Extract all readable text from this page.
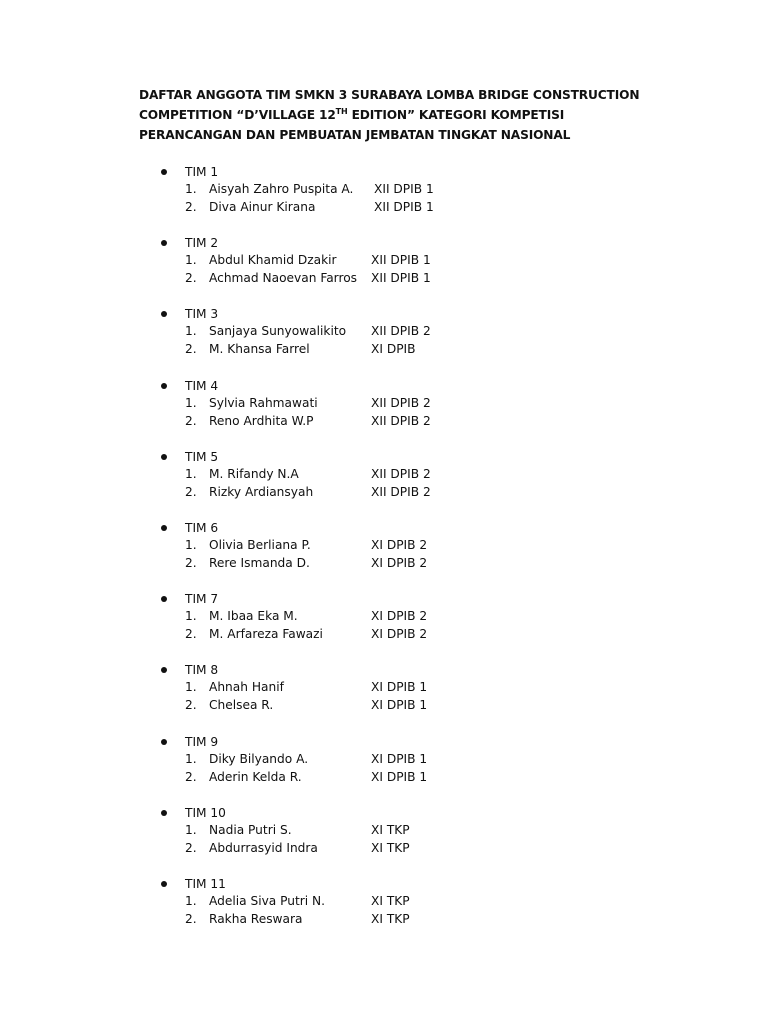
DAFTAR ANGGOTA TIM SMKN 3 SURABAYA LOMBA BRIDGE CONSTRUCTION COMPETITION “D’VILLAGE 12TH EDITION” KATEGORI KOMPETISI PERANCANGAN DAN PEMBUATAN JEMBATAN TINGKAT NASIONAL
TIM 1
1. Aisyah Zahro Puspita A. XII DPIB 1
2. Diva Ainur Kirana	XII DPIB 1
TIM 2
1. Abdul Khamid Dzakir	XII DPIB 1
2. Achmad Naoevan Farros XII DPIB 1
TIM 3
1. Sanjaya Sunyowalikito XII DPIB 2
2. M. Khansa Farrel	XI DPIB
TIM 4
1. Sylvia Rahmawati	XII DPIB 2
2. Reno Ardhita W.P	XII DPIB 2
TIM 5
1. M. Rifandy N.A	XII DPIB 2
2. Rizky Ardiansyah	XII DPIB 2
TIM 6
1. Olivia Berliana P.	XI DPIB 2
2. Rere Ismanda D.	XI DPIB 2
TIM 7
1. M. Ibaa Eka M.	XI DPIB 2
2. M. Arfareza Fawazi	XI DPIB 2
TIM 8
1. Ahnah Hanif	XI DPIB 1
2. Chelsea R.	XI DPIB 1
TIM 9
1. Diky Bilyando A.	XI DPIB 1
2. Aderin Kelda R.	XI DPIB 1
TIM 10
1. Nadia Putri S.	XI TKP
2. Abdurrasyid Indra	XI TKP
TIM 11
1. Adelia Siva Putri N.	XI TKP
2. Rakha Reswara	XI TKP
